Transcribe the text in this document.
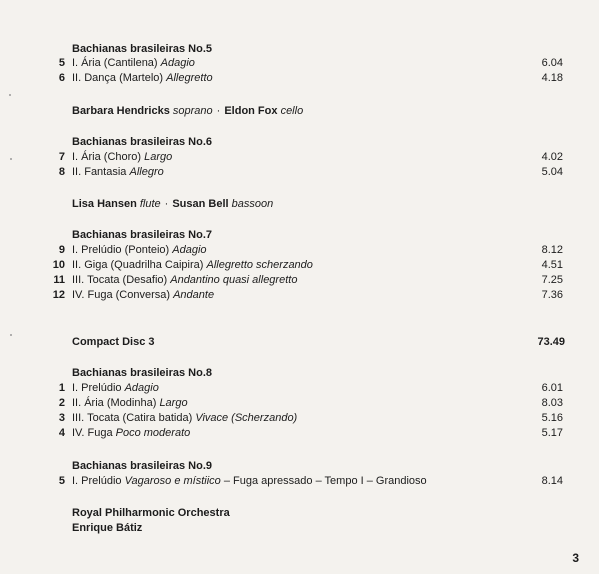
Bachianas brasileiras No.5
5 I. Ária (Cantilena) Adagio	6.04
6 II. Dança (Martelo) Allegretto	4.18
Barbara Hendricks soprano · Eldon Fox cello
Bachianas brasileiras No.6
7 I. Ária (Choro) Largo	4.02
8 II. Fantasia Allegro	5.04
Lisa Hansen flute · Susan Bell bassoon
Bachianas brasileiras No.7
9 I. Prelúdio (Ponteio) Adagio	8.12
10 II. Giga (Quadrilha Caipira) Allegretto scherzando	4.51
11 III. Tocata (Desafio) Andantino quasi allegretto	7.25
12 IV. Fuga (Conversa) Andante	7.36
Compact Disc 3	73.49
Bachianas brasileiras No.8
1 I. Prelúdio Adagio	6.01
2 II. Ária (Modinha) Largo	8.03
3 III. Tocata (Catira batida) Vivace (Scherzando)	5.16
4 IV. Fuga Poco moderato	5.17
Bachianas brasileiras No.9
5 I. Prelúdio Vagaroso e místiico – Fuga apressado – Tempo I – Grandioso	8.14
Royal Philharmonic Orchestra
Enrique Bátiz
3
